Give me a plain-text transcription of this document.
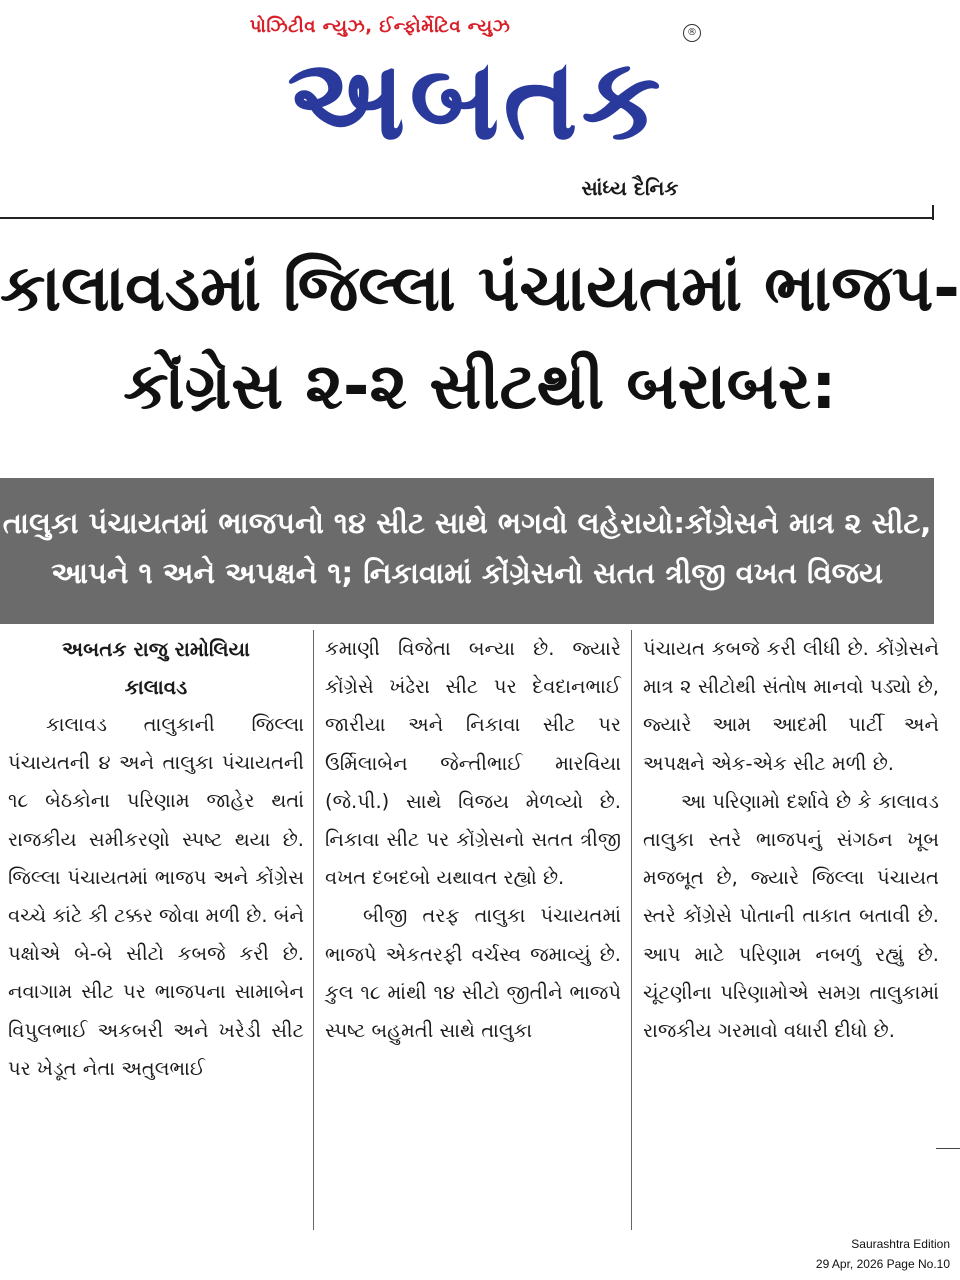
પોઝિટીવ ન્યુઝ, ઈન્ફોર્મેટિવ ન્યુઝ	®
અબતક
સાંધ્ય દૈનિક
કાલાવડમાં જિલ્લા પંચાયતમાં ભાજપ-
કોંગ્રેસ ૨-૨ સીટથી બરાબર:
તાલુકા પંચાયતમાં ભાજપનો ૧૪ સીટ સાથે ભગવો લહેરાયો:કોંગ્રેસને માત્ર ૨ સીટ,
આપને ૧ અને અપક્ષને ૧; નિકાવામાં કોંગ્રેસનો સતત ત્રીજી વખત વિજય
અબતક રાજુ રામોલિયા
કાલાવડ

કાલાવડ તાલુકાની જિલ્લા પંચાયતની ૪ અને તાલુકા પંચાયતની ૧૮ બેઠકોના પરિણામ જાહેર થતાં રાજકીય સમીકરણો સ્પષ્ટ થયા છે. જિલ્લા પંચાયતમાં ભાજપ અને કોંગ્રેસ વચ્ચે કાંટે કી ટક્કર જોવા મળી છે. બંને પક્ષોએ બે-બે સીટો કબજે કરી છે. નવાગામ સીટ પર ભાજપના સામાબેન વિપુલભાઈ અકબરી અને ખરેડી સીટ પર ખેડૂત નેતા અતુલભાઈ

કમાણી વિજેતા બન્યા છે. જ્યારે કોંગ્રેસે ખંઢેરા સીટ પર દેવદાનભાઈ જારીયા અને નિકાવા સીટ પર ઉર્મિલાબેન જેન્તીભાઈ મારવિયા (જે.પી.) સાથે વિજય મેળવ્યો છે. નિકાવા સીટ પર કોંગ્રેસનો સતત ત્રીજી વખત દબદબો યથાવત રહ્યો છે.

બીજી તરફ તાલુકા પંચાયતમાં ભાજપે એકતરફી વર્ચસ્વ જમાવ્યું છે. કુલ ૧૮ માંથી ૧૪ સીટો જીતીને ભાજપે સ્પષ્ટ બહુમતી સાથે તાલુકા

પંચાયત કબજે કરી લીધી છે. કોંગ્રેસને માત્ર ૨ સીટોથી સંતોષ માનવો પડ્યો છે, જ્યારે આમ આદમી પાર્ટી અને અપક્ષને એક-એક સીટ મળી છે.

આ પરિણામો દર્શાવે છે કે કાલાવડ તાલુકા સ્તરે ભાજપનું સંગઠન ખૂબ મજબૂત છે, જ્યારે જિલ્લા પંચાયત સ્તરે કોંગ્રેસે પોતાની તાકાત બતાવી છે. આપ માટે પરિણામ નબળું રહ્યું છે. ચૂંટણીના પરિણામોએ સમગ્ર તાલુકામાં રાજકીય ગરમાવો વધારી દીધો છે.

Saurashtra Edition
29 Apr, 2026 Page No.10
